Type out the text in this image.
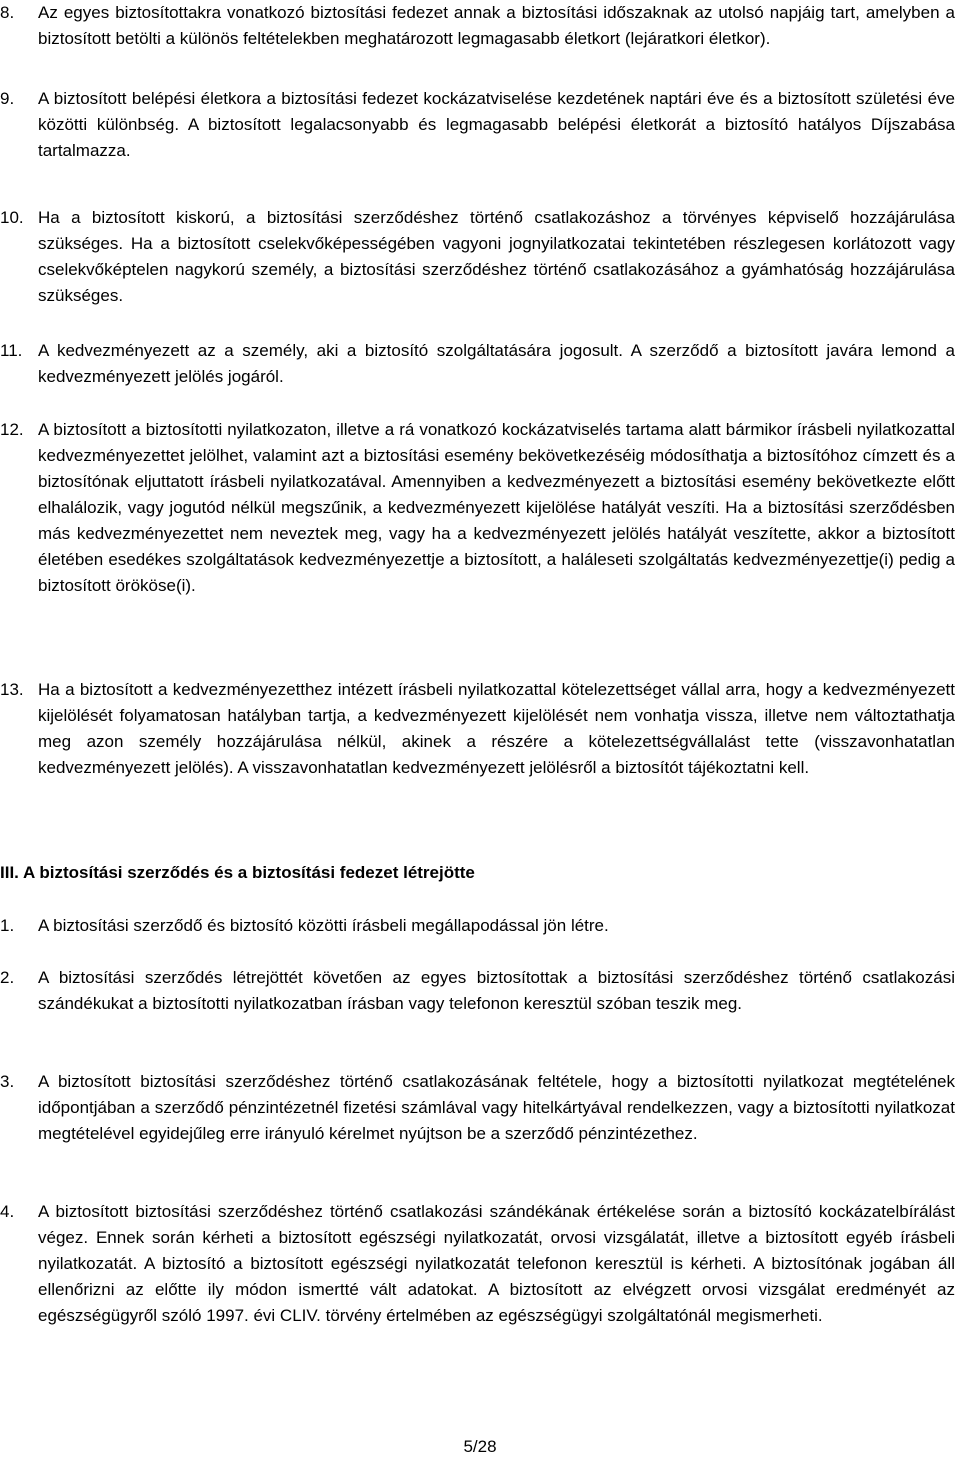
8.	Az egyes biztosítottakra vonatkozó biztosítási fedezet annak a biztosítási időszaknak az utolsó napjáig tart, amelyben a biztosított betölti a különös feltételekben meghatározott legmagasabb életkort (lejáratkori életkor).
9.	A biztosított belépési életkora a biztosítási fedezet kockázatviselése kezdetének naptári éve és a biztosított születési éve közötti különbség. A biztosított legalacsonyabb és legmagasabb belépési életkorát a biztosító hatályos Díjszabása tartalmazza.
10. Ha a biztosított kiskorú, a biztosítási szerződéshez történő csatlakozáshoz a törvényes képviselő hozzájárulása szükséges. Ha a biztosított cselekvőképességében vagyoni jognyilatkozatai tekintetében részlegesen korlátozott vagy cselekvőképtelen nagykorú személy, a biztosítási szerződéshez történő csatlakozásához a gyámhatóság hozzájárulása szükséges.
11. A kedvezményezett az a személy, aki a biztosító szolgáltatására jogosult. A szerződő a biztosított javára lemond a kedvezményezett jelölés jogáról.
12. A biztosított a biztosítotti nyilatkozaton, illetve a rá vonatkozó kockázatviselés tartama alatt bármikor írásbeli nyilatkozattal kedvezményezettet jelölhet, valamint azt a biztosítási esemény bekövetkezéséig módosíthatja a biztosítóhoz címzett és a biztosítónak eljuttatott írásbeli nyilatkozatával. Amennyiben a kedvezményezett a biztosítási esemény bekövetkezte előtt elhalálozik, vagy jogutód nélkül megszűnik, a kedvezményezett kijelölése hatályát veszíti. Ha a biztosítási szerződésben más kedvezményezettet nem neveztek meg, vagy ha a kedvezményezett jelölés hatályát veszítette, akkor a biztosított életében esedékes szolgáltatások kedvezményezettje a biztosított, a haláleseti szolgáltatás kedvezményezettje(i) pedig a biztosított örököse(i).
13. Ha a biztosított a kedvezményezetthez intézett írásbeli nyilatkozattal kötelezettséget vállal arra, hogy a kedvezményezett kijelölését folyamatosan hatályban tartja, a kedvezményezett kijelölését nem vonhatja vissza, illetve nem változtathatja meg azon személy hozzájárulása nélkül, akinek a részére a kötelezettségvállalást tette (visszavonhatatlan kedvezményezett jelölés). A visszavonhatatlan kedvezményezett jelölésről a biztosítót tájékoztatni kell.
III. A biztosítási szerződés és a biztosítási fedezet létrejötte
1.	A biztosítási szerződő és biztosító közötti írásbeli megállapodással jön létre.
2.	A biztosítási szerződés létrejöttét követően az egyes biztosítottak a biztosítási szerződéshez történő csatlakozási szándékukat a biztosítotti nyilatkozatban írásban vagy telefonon keresztül szóban teszik meg.
3.	A biztosított biztosítási szerződéshez történő csatlakozásának feltétele, hogy a biztosítotti nyilatkozat megtételének időpontjában a szerződő pénzintézetnél fizetési számlával vagy hitelkártyával rendelkezzen, vagy a biztosítotti nyilatkozat megtételével egyidejűleg erre irányuló kérelmet nyújtson be a szerződő pénzintézethez.
4.	A biztosított biztosítási szerződéshez történő csatlakozási szándékának értékelése során a biztosító kockázatelbírálást végez. Ennek során kérheti a biztosított egészségi nyilatkozatát, orvosi vizsgálatát, illetve a biztosított egyéb írásbeli nyilatkozatát. A biztosító a biztosított egészségi nyilatkozatát telefonon keresztül is kérheti. A biztosítónak jogában áll ellenőrizni az előtte ily módon ismertté vált adatokat. A biztosított az elvégzett orvosi vizsgálat eredményét az egészségügyről szóló 1997. évi CLIV. törvény értelmében az egészségügyi szolgáltatónál megismerheti.
5/28
